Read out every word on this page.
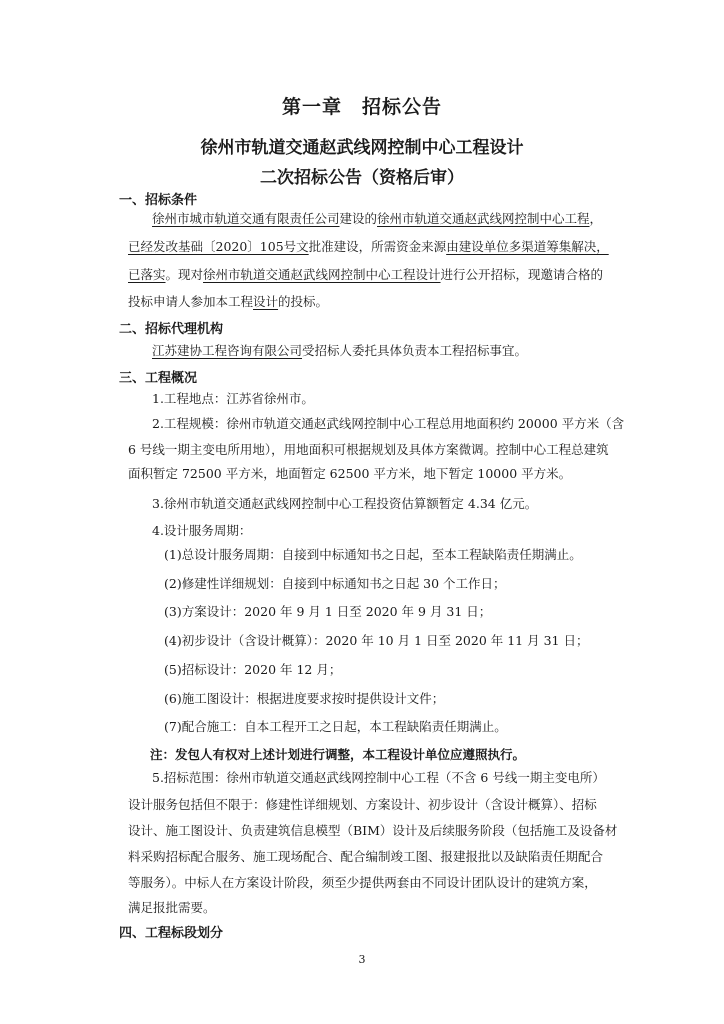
第一章　招标公告
徐州市轨道交通赵武线网控制中心工程设计
二次招标公告（资格后审）
一、招标条件
徐州市城市轨道交通有限责任公司建设的徐州市轨道交通赵武线网控制中心工程，
已经发改基础〔2020〕105号文批准建设，所需资金来源由建设单位多渠道筹集解决，
已落实。现对徐州市轨道交通赵武线网控制中心工程设计进行公开招标，现邀请合格的
投标申请人参加本工程设计的投标。
二、招标代理机构
江苏建协工程咨询有限公司受招标人委托具体负责本工程招标事宜。
三、工程概况
1.工程地点：江苏省徐州市。
2.工程规模：徐州市轨道交通赵武线网控制中心工程总用地面积约 20000 平方米（含
6 号线一期主变电所用地），用地面积可根据规划及具体方案微调。控制中心工程总建筑
面积暂定 72500 平方米，地面暂定 62500 平方米，地下暂定 10000 平方米。
3.徐州市轨道交通赵武线网控制中心工程投资估算额暂定 4.34 亿元。
4.设计服务周期：
(1)总设计服务周期：自接到中标通知书之日起，至本工程缺陷责任期满止。
(2)修建性详细规划：自接到中标通知书之日起 30 个工作日；
(3)方案设计：2020 年 9 月 1 日至 2020 年 9 月 31 日；
(4)初步设计（含设计概算）：2020 年 10 月 1 日至 2020 年 11 月 31 日；
(5)招标设计：2020 年 12 月；
(6)施工图设计：根据进度要求按时提供设计文件；
(7)配合施工：自本工程开工之日起，本工程缺陷责任期满止。
注：发包人有权对上述计划进行调整，本工程设计单位应遵照执行。
5.招标范围：徐州市轨道交通赵武线网控制中心工程（不含 6 号线一期主变电所）
设计服务包括但不限于：修建性详细规划、方案设计、初步设计（含设计概算）、招标
设计、施工图设计、负责建筑信息模型（BIM）设计及后续服务阶段（包括施工及设备材
料采购招标配合服务、施工现场配合、配合编制竣工图、报建报批以及缺陷责任期配合
等服务）。中标人在方案设计阶段，须至少提供两套由不同设计团队设计的建筑方案，
满足报批需要。
四、工程标段划分
3
